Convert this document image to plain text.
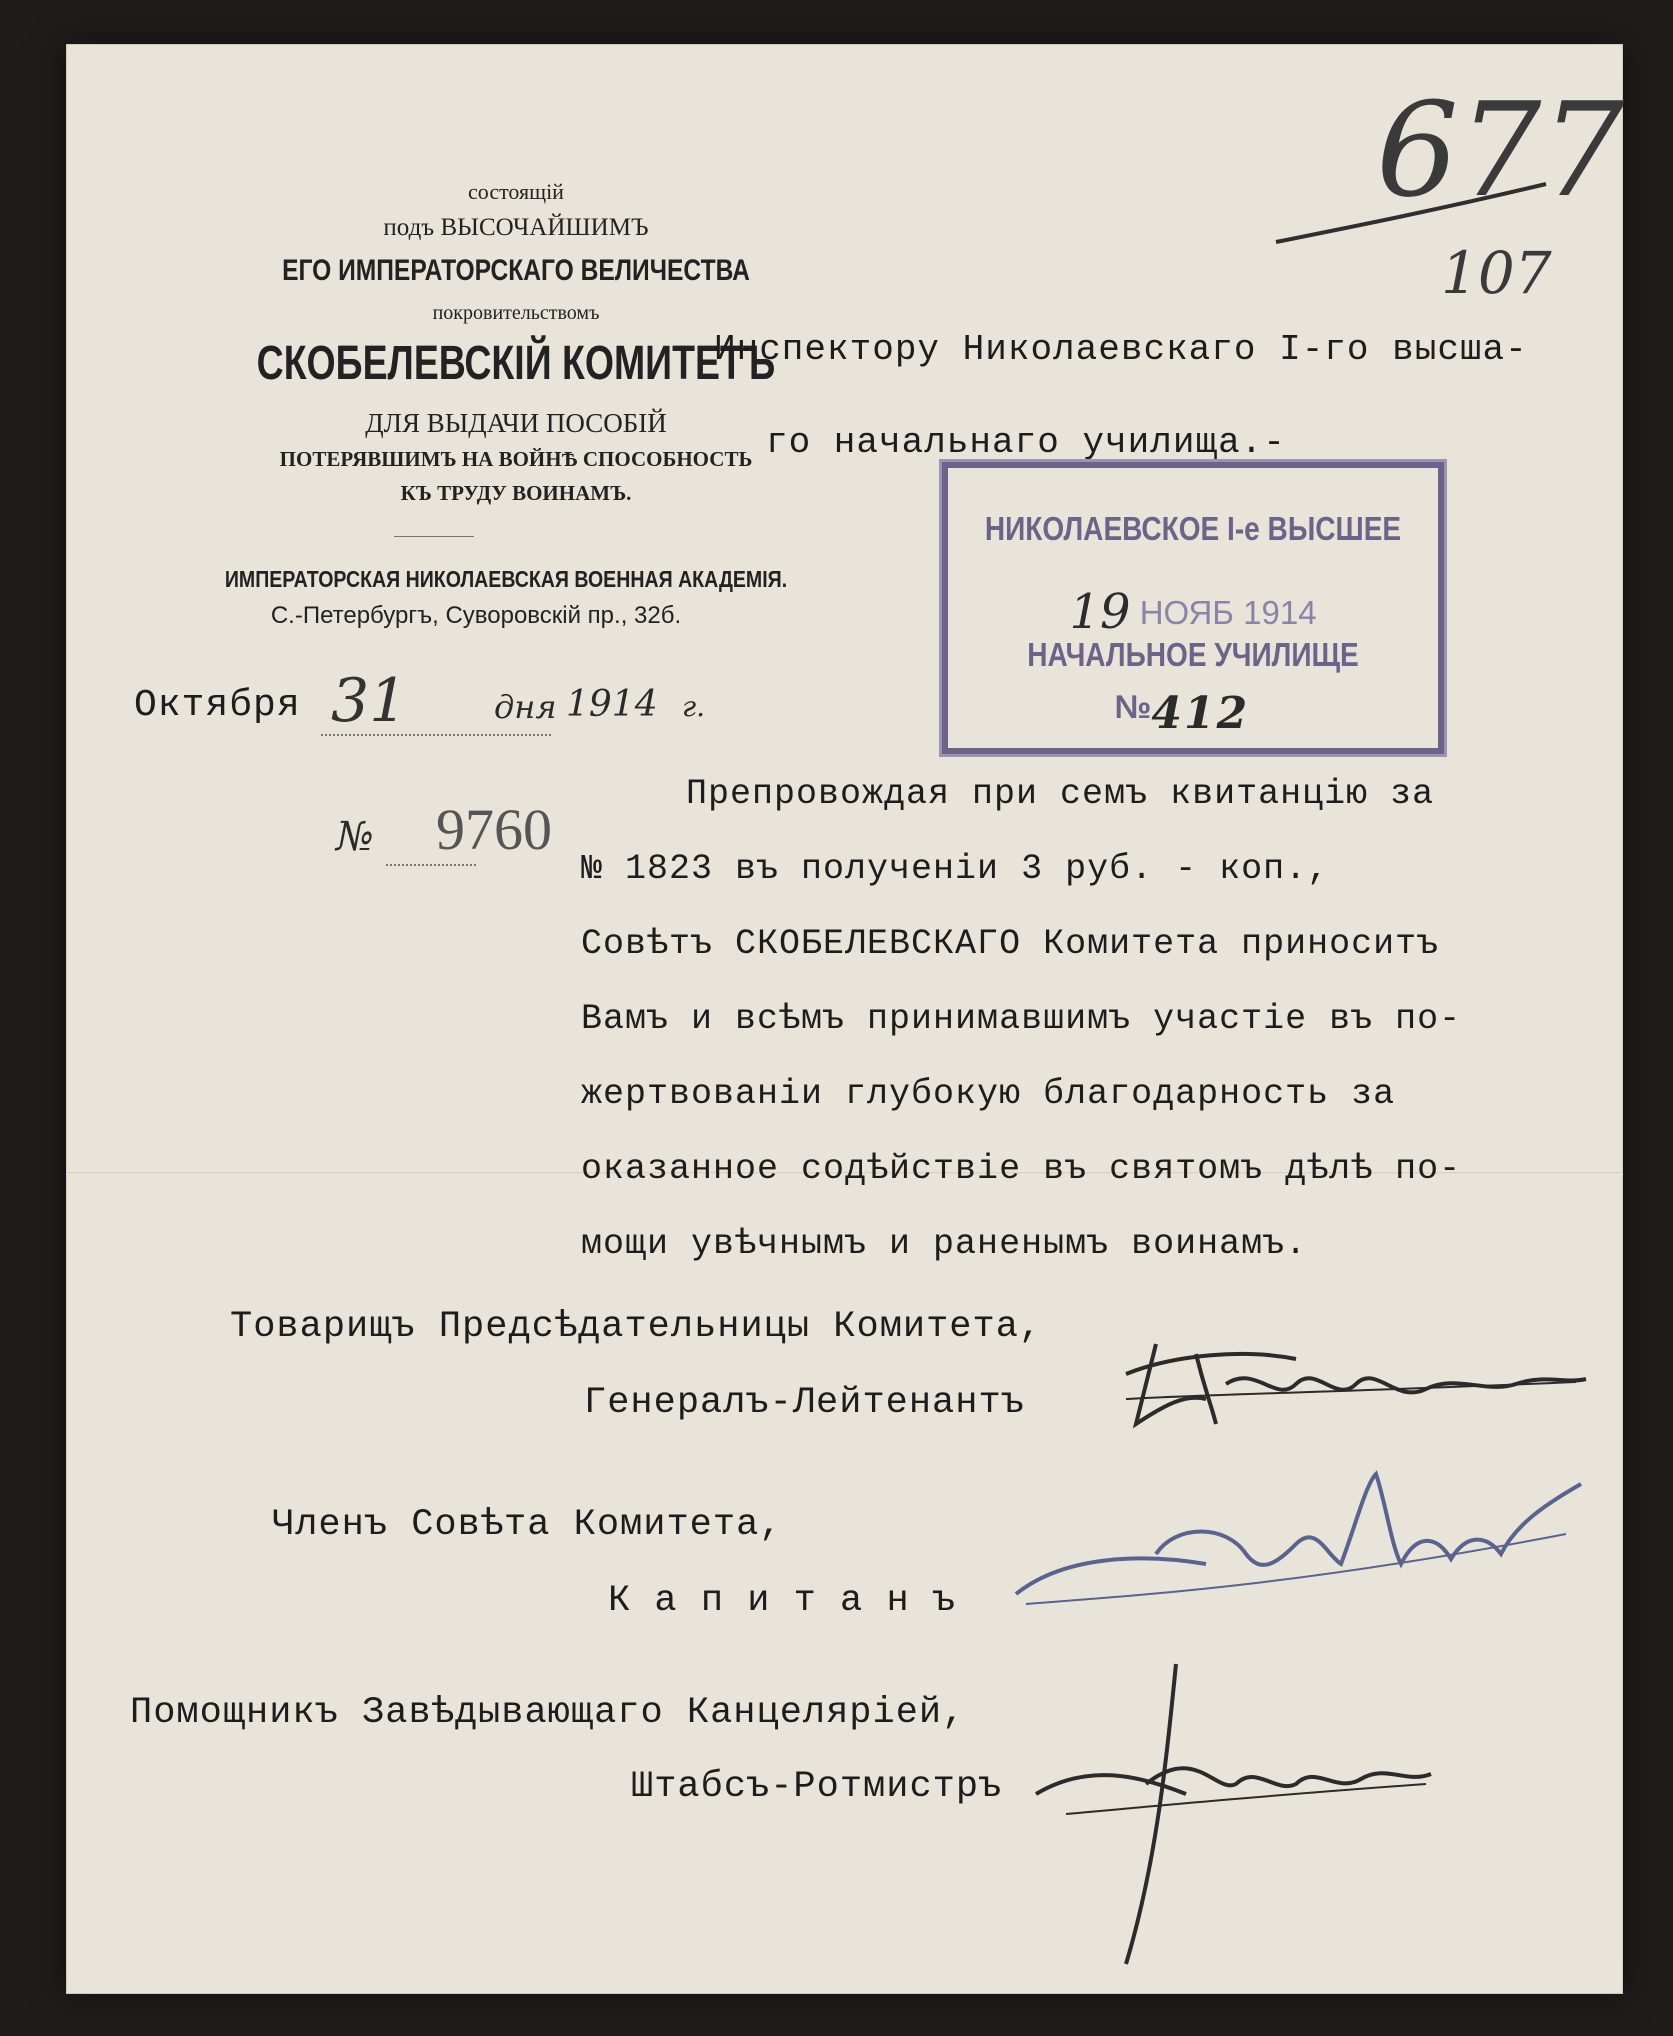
состоящій
подъ ВЫСОЧАЙШИМЪ
ЕГО ИМПЕРАТОРСКАГО ВЕЛИЧЕСТВА
покровительствомъ
СКОБЕЛЕВСКІЙ КОМИТЕТЪ
ДЛЯ ВЫДАЧИ ПОСОБІЙ
ПОТЕРЯВШИМЪ НА ВОЙНѢ СПОСОБНОСТЬ
КЪ ТРУДУ ВОИНАМЪ.
ИМПЕРАТОРСКАЯ НИКОЛАЕВСКАЯ ВОЕННАЯ АКАДЕМІЯ.
С.-Петербургъ, Суворовскій пр., 32б.
Октября 31	дня 1914 г.
№ 9760
Инспектору Николаевскаго I-го высша-
го начальнаго училища.-
НИКОЛАЕВСКОЕ I-е ВЫСШЕЕ
19 НОЯБ 1914
НАЧАЛЬНОЕ УЧИЛИЩЕ
№ 412
677
107
Препровождая при семъ квитанцію за
№ 1823 въ полученіи 3 руб. - коп.,
Совѣтъ СКОБЕЛЕВСКАГО Комитета приноситъ
Вамъ и всѣмъ принимавшимъ участіе въ по-
жертвованіи глубокую благодарность за
оказанное содѣйствіе въ святомъ дѣлѣ по-
мощи увѣчнымъ и раненымъ воинамъ.
Товарищъ Предсѣдательницы Комитета,
Генералъ-Лейтенантъ
Членъ Совѣта Комитета,
К а п и т а н ъ
Помощникъ Завѣдывающаго Канцеляріей,
Штабсъ-Ротмистръ
